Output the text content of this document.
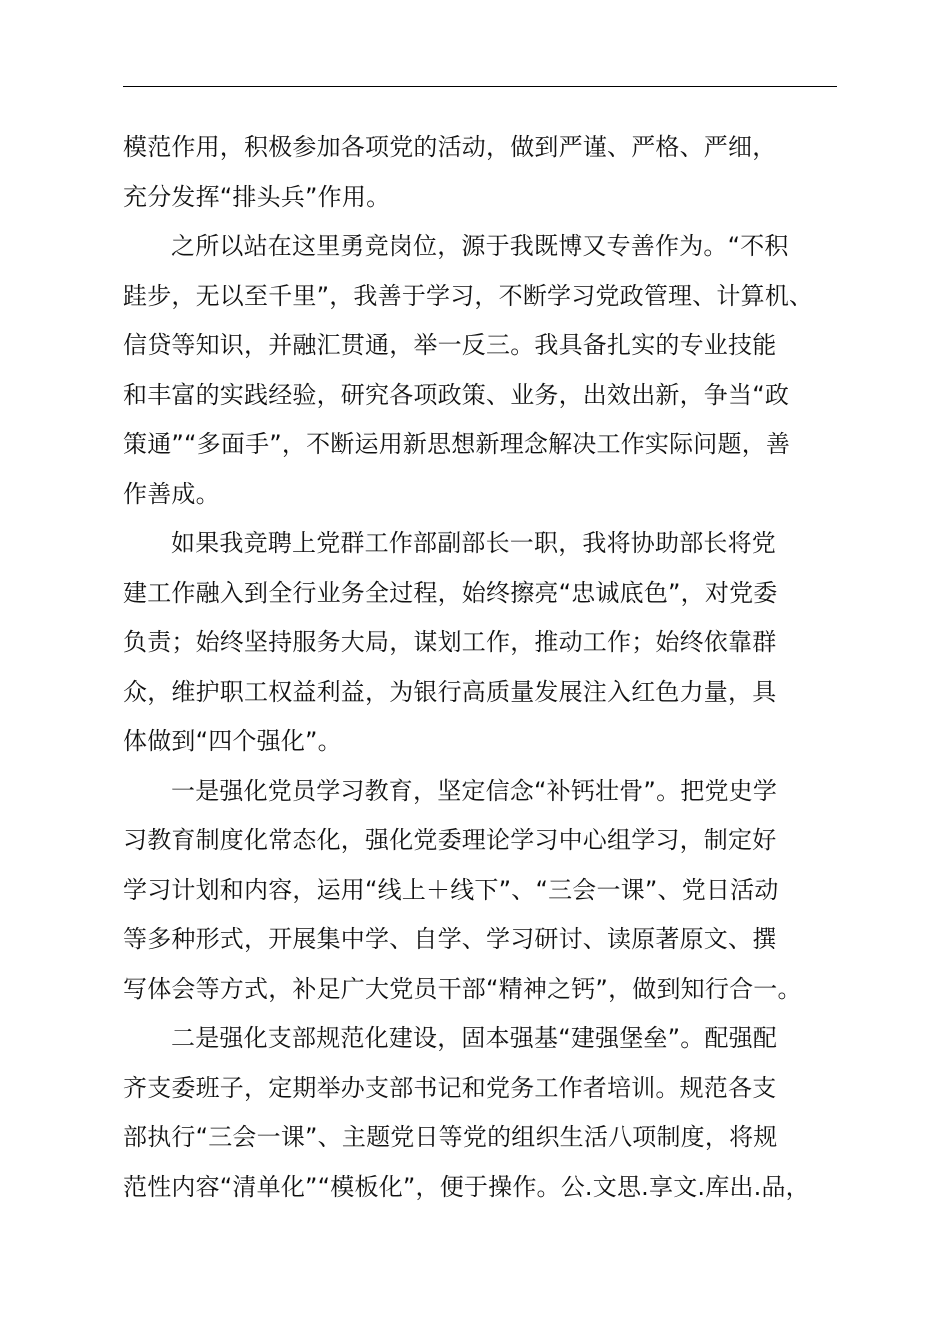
模范作用，积极参加各项党的活动，做到严谨、严格、严细，
充分发挥“排头兵”作用。

之所以站在这里勇竞岗位，源于我既博又专善作为。“不积
跬步，无以至千里”，我善于学习，不断学习党政管理、计算机、
信贷等知识，并融汇贯通，举一反三。我具备扎实的专业技能
和丰富的实践经验，研究各项政策、业务，出效出新，争当“政
策通”“多面手”，不断运用新思想新理念解决工作实际问题，善
作善成。

如果我竞聘上党群工作部副部长一职，我将协助部长将党
建工作融入到全行业务全过程，始终擦亮“忠诚底色”，对党委
负责；始终坚持服务大局，谋划工作，推动工作；始终依靠群
众，维护职工权益利益，为银行高质量发展注入红色力量，具
体做到“四个强化”。

一是强化党员学习教育，坚定信念“补钙壮骨”。把党史学
习教育制度化常态化，强化党委理论学习中心组学习，制定好
学习计划和内容，运用“线上＋线下”、“三会一课”、党日活动
等多种形式，开展集中学、自学、学习研讨、读原著原文、撰
写体会等方式，补足广大党员干部“精神之钙”，做到知行合一。

二是强化支部规范化建设，固本强基“建强堡垒”。配强配
齐支委班子，定期举办支部书记和党务工作者培训。规范各支
部执行“三会一课”、主题党日等党的组织生活八项制度，将规
范性内容“清单化”“模板化”，便于操作。公.文思.享文.库出.品，
